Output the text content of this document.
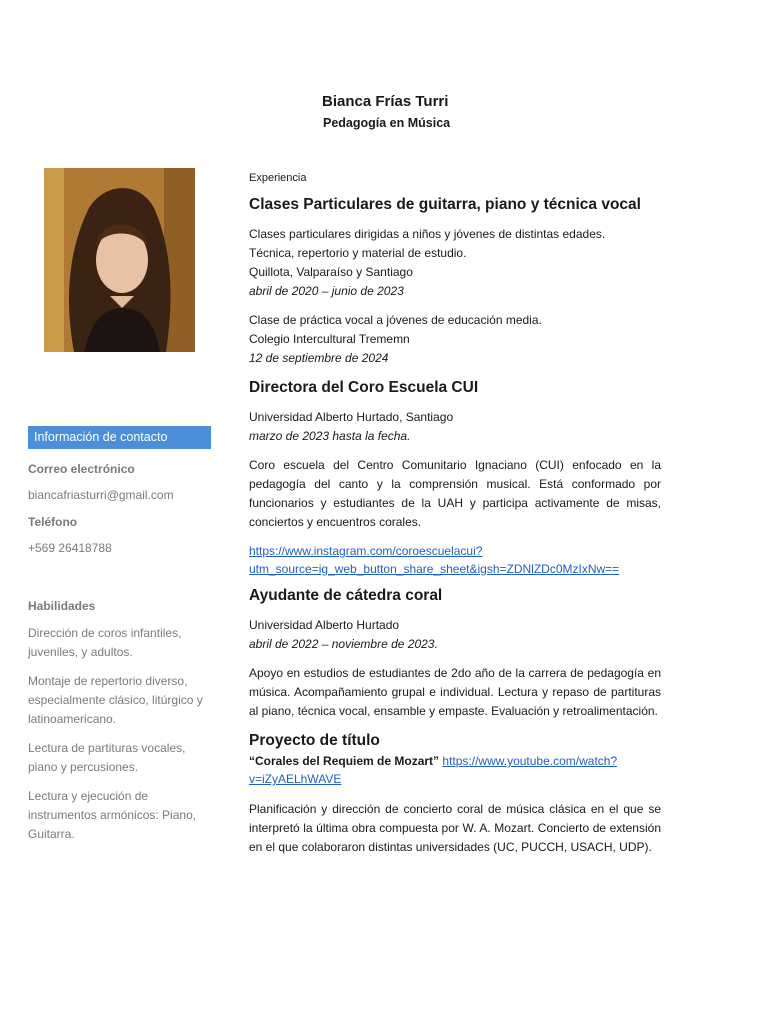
Bianca Frías Turri
Pedagogía en Música
Información de contacto
Correo electrónico
biancafriasturri@gmail.com
Teléfono
+569 26418788
Habilidades
Dirección de coros infantiles, juveniles, y adultos.
Montaje de repertorio diverso, especialmente clásico, litúrgico y latinoamericano.
Lectura de partituras vocales, piano y percusiones.
Lectura y ejecución de instrumentos armónicos: Piano, Guitarra.
Experiencia
Clases Particulares de guitarra, piano y técnica vocal
Clases particulares dirigidas a niños y jóvenes de distintas edades.
Técnica, repertorio y material de estudio.
Quillota, Valparaíso y Santiago
abril de 2020 – junio de 2023
Clase de práctica vocal a jóvenes de educación media.
Colegio Intercultural Trememn
12 de septiembre de 2024
Directora del Coro Escuela CUI
Universidad Alberto Hurtado, Santiago
marzo de 2023 hasta la fecha.
Coro escuela del Centro Comunitario Ignaciano (CUI) enfocado en la pedagogía del canto y la comprensión musical. Está conformado por funcionarios y estudiantes de la UAH y participa activamente de misas, conciertos y encuentros corales.
https://www.instagram.com/coroescuelacui?
utm_source=ig_web_button_share_sheet&igsh=ZDNlZDc0MzIxNw==
Ayudante de cátedra coral
Universidad Alberto Hurtado
abril de 2022 – noviembre de 2023.
Apoyo en estudios de estudiantes de 2do año de la carrera de pedagogía en música. Acompañamiento grupal e individual. Lectura y repaso de partituras al piano, técnica vocal, ensamble y empaste. Evaluación y retroalimentación.
Proyecto de título
“Corales del Requiem de Mozart” https://www.youtube.com/watch?
v=iZyAELhWAVE
Planificación y dirección de concierto coral de música clásica en el que se interpretó la última obra compuesta por W. A. Mozart. Concierto de extensión en el que colaboraron distintas universidades (UC, PUCCH, USACH, UDP).
